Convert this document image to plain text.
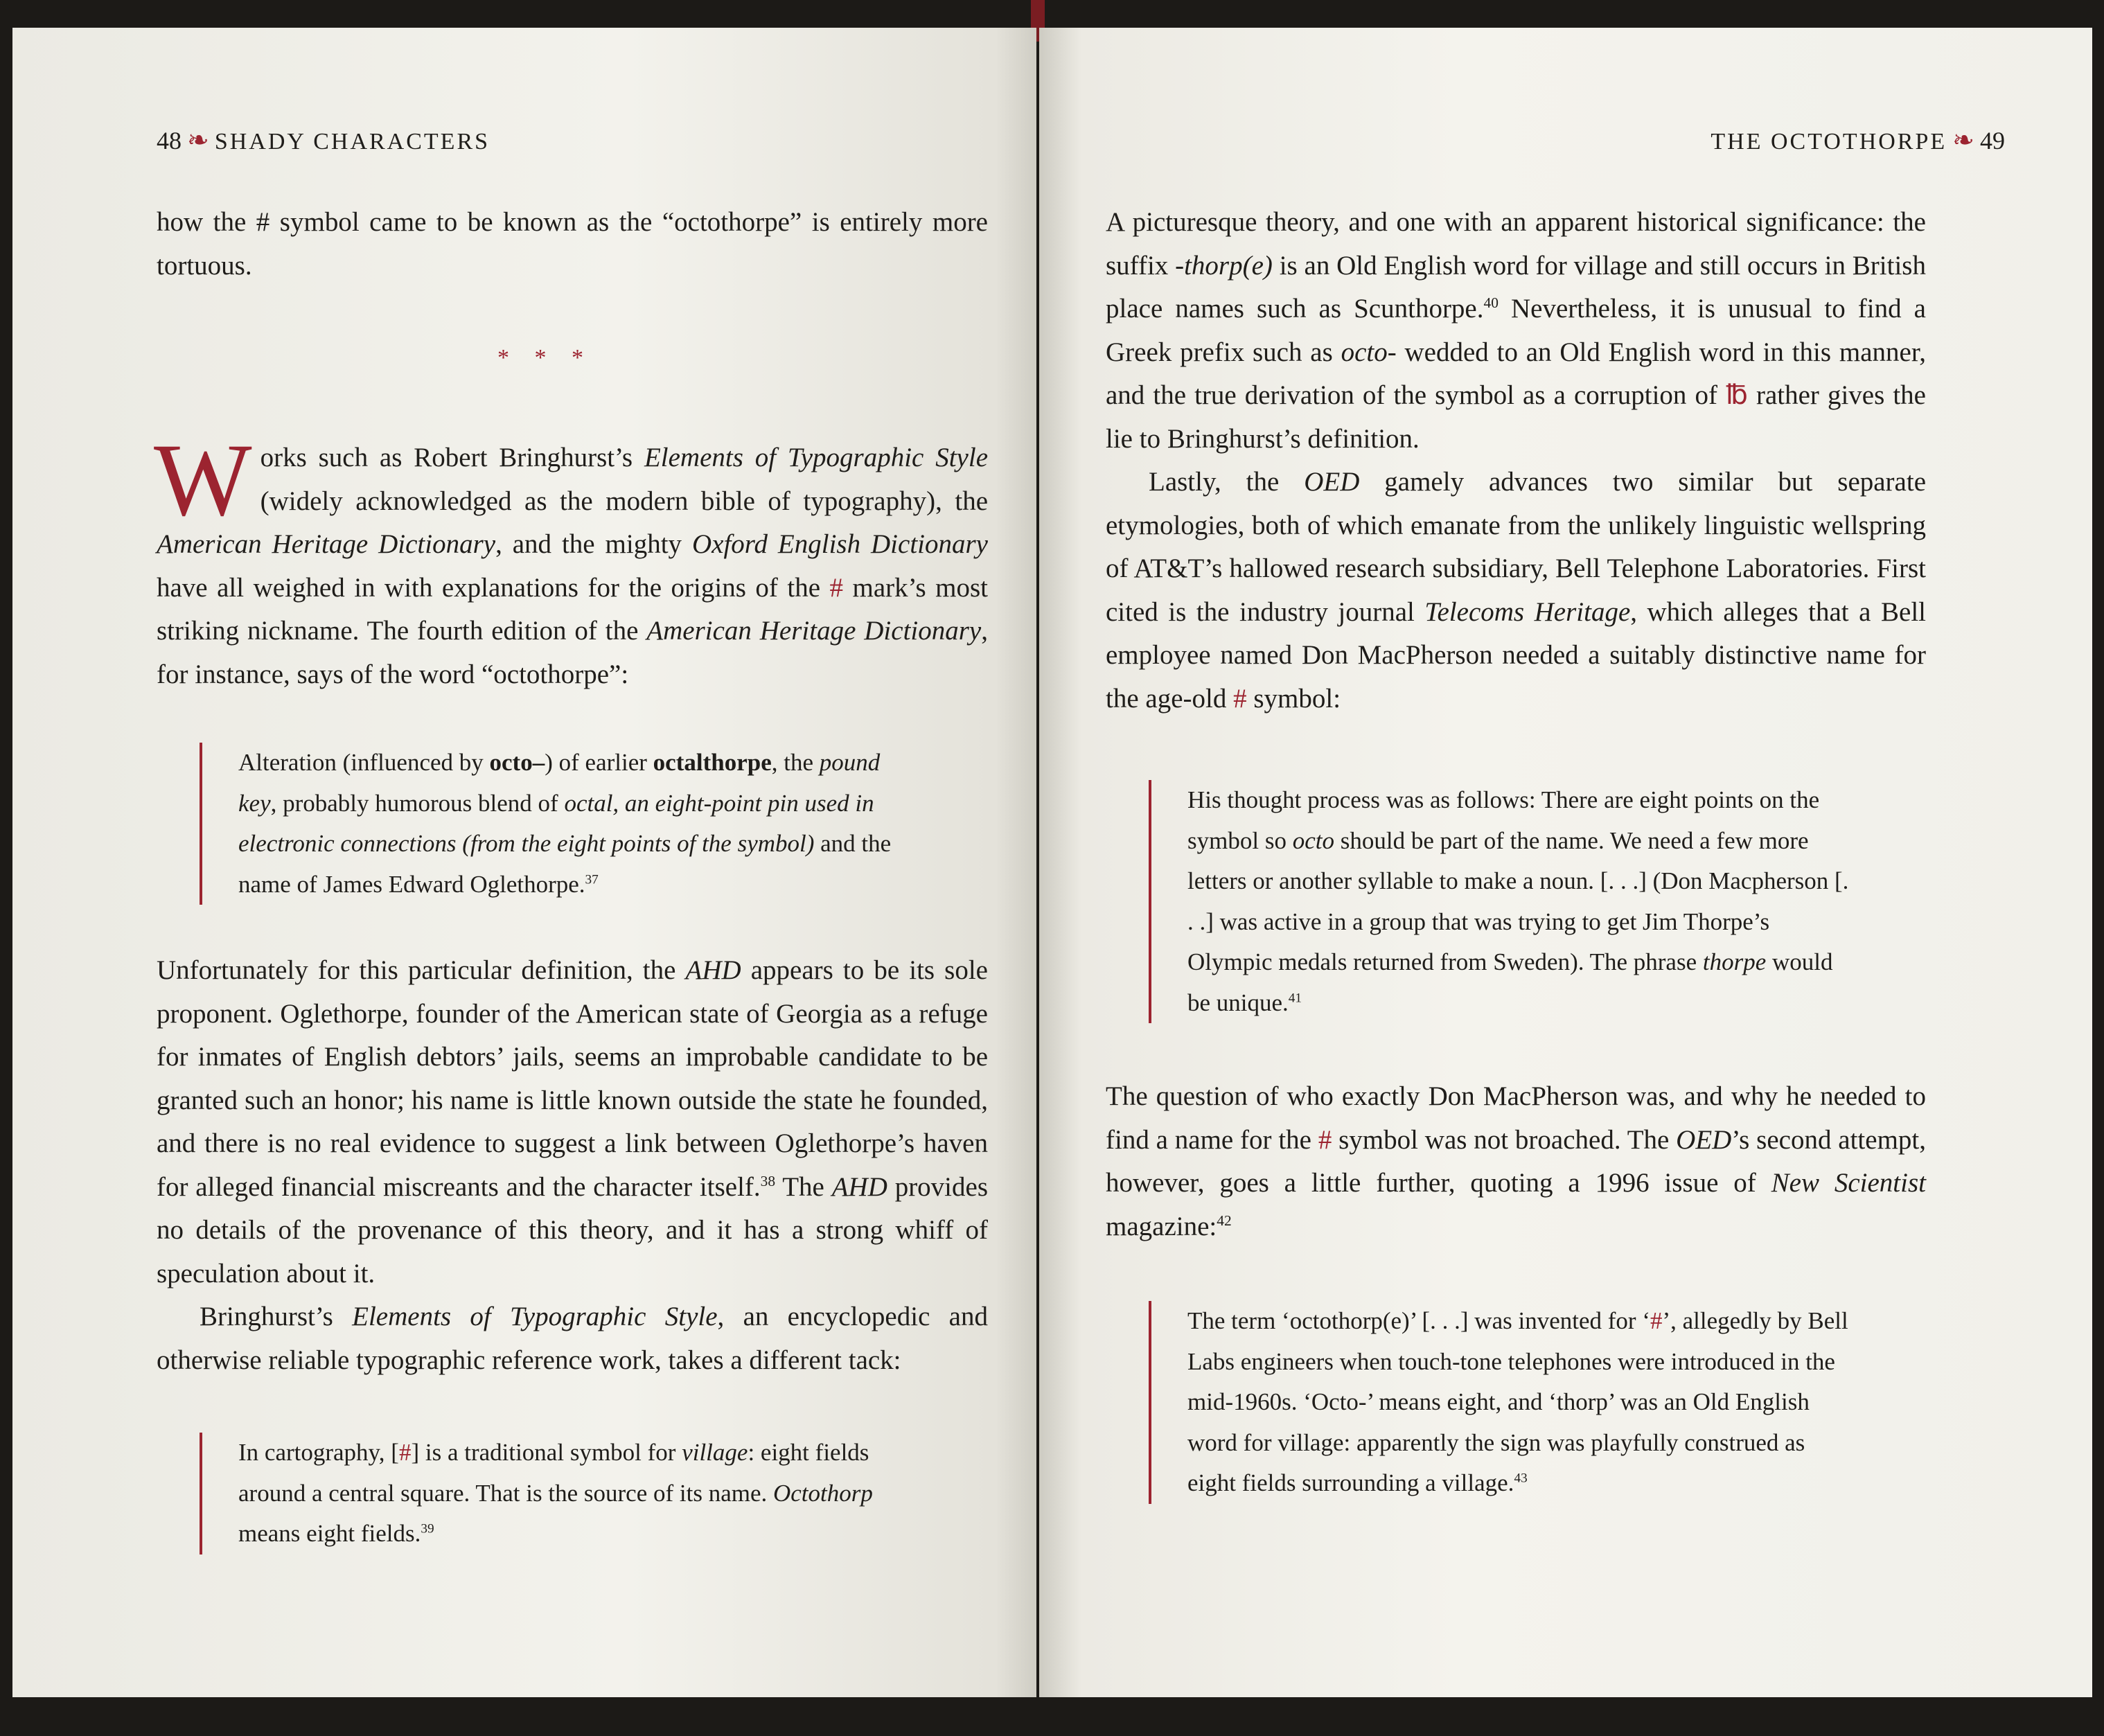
48 ❧ SHADY CHARACTERS

how the # symbol came to be known as the “octothorpe” is entirely more tortuous.

* * *

Works such as Robert Bringhurst’s Elements of Typographic Style (widely acknowledged as the modern bible of typography), the American Heritage Dictionary, and the mighty Oxford English Dictionary have all weighed in with explanations for the origins of the # mark’s most striking nickname. The fourth edition of the American Heritage Dictionary, for instance, says of the word “octothorpe”:

Alteration (influenced by octo–) of earlier octalthorpe, the pound key, probably humorous blend of octal, an eight-point pin used in electronic connections (from the eight points of the symbol) and the name of James Edward Oglethorpe.$^{37}$

Unfortunately for this particular definition, the AHD appears to be its sole proponent. Oglethorpe, founder of the American state of Georgia as a refuge for inmates of English debtors’ jails, seems an improbable candidate to be granted such an honor; his name is little known outside the state he founded, and there is no real evidence to suggest a link between Oglethorpe’s haven for alleged financial miscreants and the character itself.$^{38}$ The AHD provides no details of the provenance of this theory, and it has a strong whiff of speculation about it.

Bringhurst’s Elements of Typographic Style, an encyclopedic and otherwise reliable typographic reference work, takes a different tack:

In cartography, [#] is a traditional symbol for village: eight fields around a central square. That is the source of its name. Octothorp means eight fields.$^{39}$

THE OCTOTHORPE ❧ 49

A picturesque theory, and one with an apparent historical significance: the suffix -thorp(e) is an Old English word for village and still occurs in British place names such as Scunthorpe.$^{40}$ Nevertheless, it is unusual to find a Greek prefix such as octo- wedded to an Old English word in this manner, and the true derivation of the symbol as a corruption of ℔ rather gives the lie to Bringhurst’s definition.

Lastly, the OED gamely advances two similar but separate etymologies, both of which emanate from the unlikely linguistic wellspring of AT&T’s hallowed research subsidiary, Bell Telephone Laboratories. First cited is the industry journal Telecoms Heritage, which alleges that a Bell employee named Don MacPherson needed a suitably distinctive name for the age-old # symbol:

His thought process was as follows: There are eight points on the symbol so octo should be part of the name. We need a few more letters or another syllable to make a noun. [. . .] (Don Macpherson [. . .] was active in a group that was trying to get Jim Thorpe’s Olympic medals returned from Sweden). The phrase thorpe would be unique.$^{41}$

The question of who exactly Don MacPherson was, and why he needed to find a name for the # symbol was not broached. The OED’s second attempt, however, goes a little further, quoting a 1996 issue of New Scientist magazine:$^{42}$

The term ‘octothorp(e)’ [. . .] was invented for ‘#’, allegedly by Bell Labs engineers when touch-tone telephones were introduced in the mid-1960s. ‘Octo-’ means eight, and ‘thorp’ was an Old English word for village: apparently the sign was playfully construed as eight fields surrounding a village.$^{43}$
